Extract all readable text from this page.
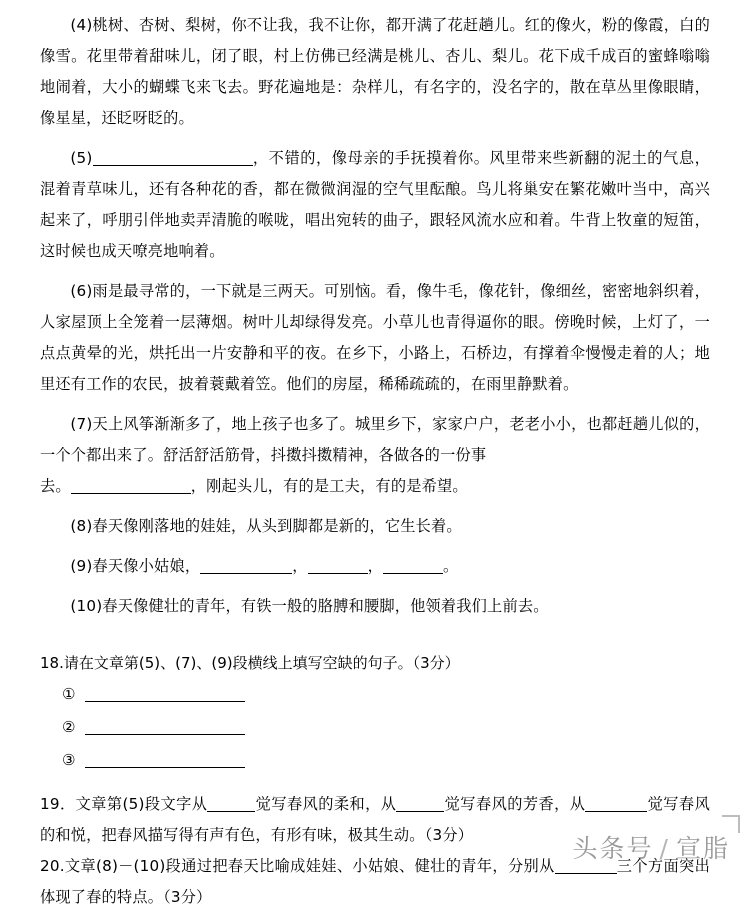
(4)桃树、杏树、梨树，你不让我，我不让你，都开满了花赶趟儿。红的像火，粉的像霞，白的像雪。花里带着甜味儿，闭了眼，村上仿佛已经满是桃儿、杏儿、梨儿。花下成千成百的蜜蜂嗡嗡地闹着，大小的蝴蝶飞来飞去。野花遍地是：杂样儿，有名字的，没名字的，散在草丛里像眼睛，像星星，还眨呀眨的。

(5)	，不错的，像母亲的手抚摸着你。风里带来些新翻的泥土的气息，混着青草味儿，还有各种花的香，都在微微润湿的空气里酝酿。鸟儿将巢安在繁花嫩叶当中，高兴起来了，呼朋引伴地卖弄清脆的喉咙，唱出宛转的曲子，跟轻风流水应和着。牛背上牧童的短笛，这时候也成天嘹亮地响着。

(6)雨是最寻常的，一下就是三两天。可别恼。看，像牛毛，像花针，像细丝，密密地斜织着，人家屋顶上全笼着一层薄烟。树叶儿却绿得发亮。小草儿也青得逼你的眼。傍晚时候，上灯了，一点点黄晕的光，烘托出一片安静和平的夜。在乡下，小路上，石桥边，有撑着伞慢慢走着的人；地里还有工作的农民，披着蓑戴着笠。他们的房屋，稀稀疏疏的，在雨里静默着。

(7)天上风筝渐渐多了，地上孩子也多了。城里乡下，家家户户，老老小小，也都赶趟儿似的，一个个都出来了。舒活舒活筋骨，抖擞抖擞精神，各做各的一份事

去。	，刚起头儿，有的是工夫，有的是希望。

(8)春天像刚落地的娃娃，从头到脚都是新的，它生长着。

(9)春天像小姑娘，	，	，	。

(10)春天像健壮的青年，有铁一般的胳膊和腰脚，他领着我们上前去。

18.请在文章第(5)、(7)、(9)段横线上填写空缺的句子。（3分）
①
②
③

19．文章第(5)段文字从	觉写春风的柔和，从	觉写春风的芳香，从	觉写春风的和悦，把春风描写得有声有色，有形有味，极其生动。（3分）

20.文章(8)－(10)段通过把春天比喻成娃娃、小姑娘、健壮的青年，分别从	三个方面突出体现了春的特点。（3分）

头条号 / 宣脂
